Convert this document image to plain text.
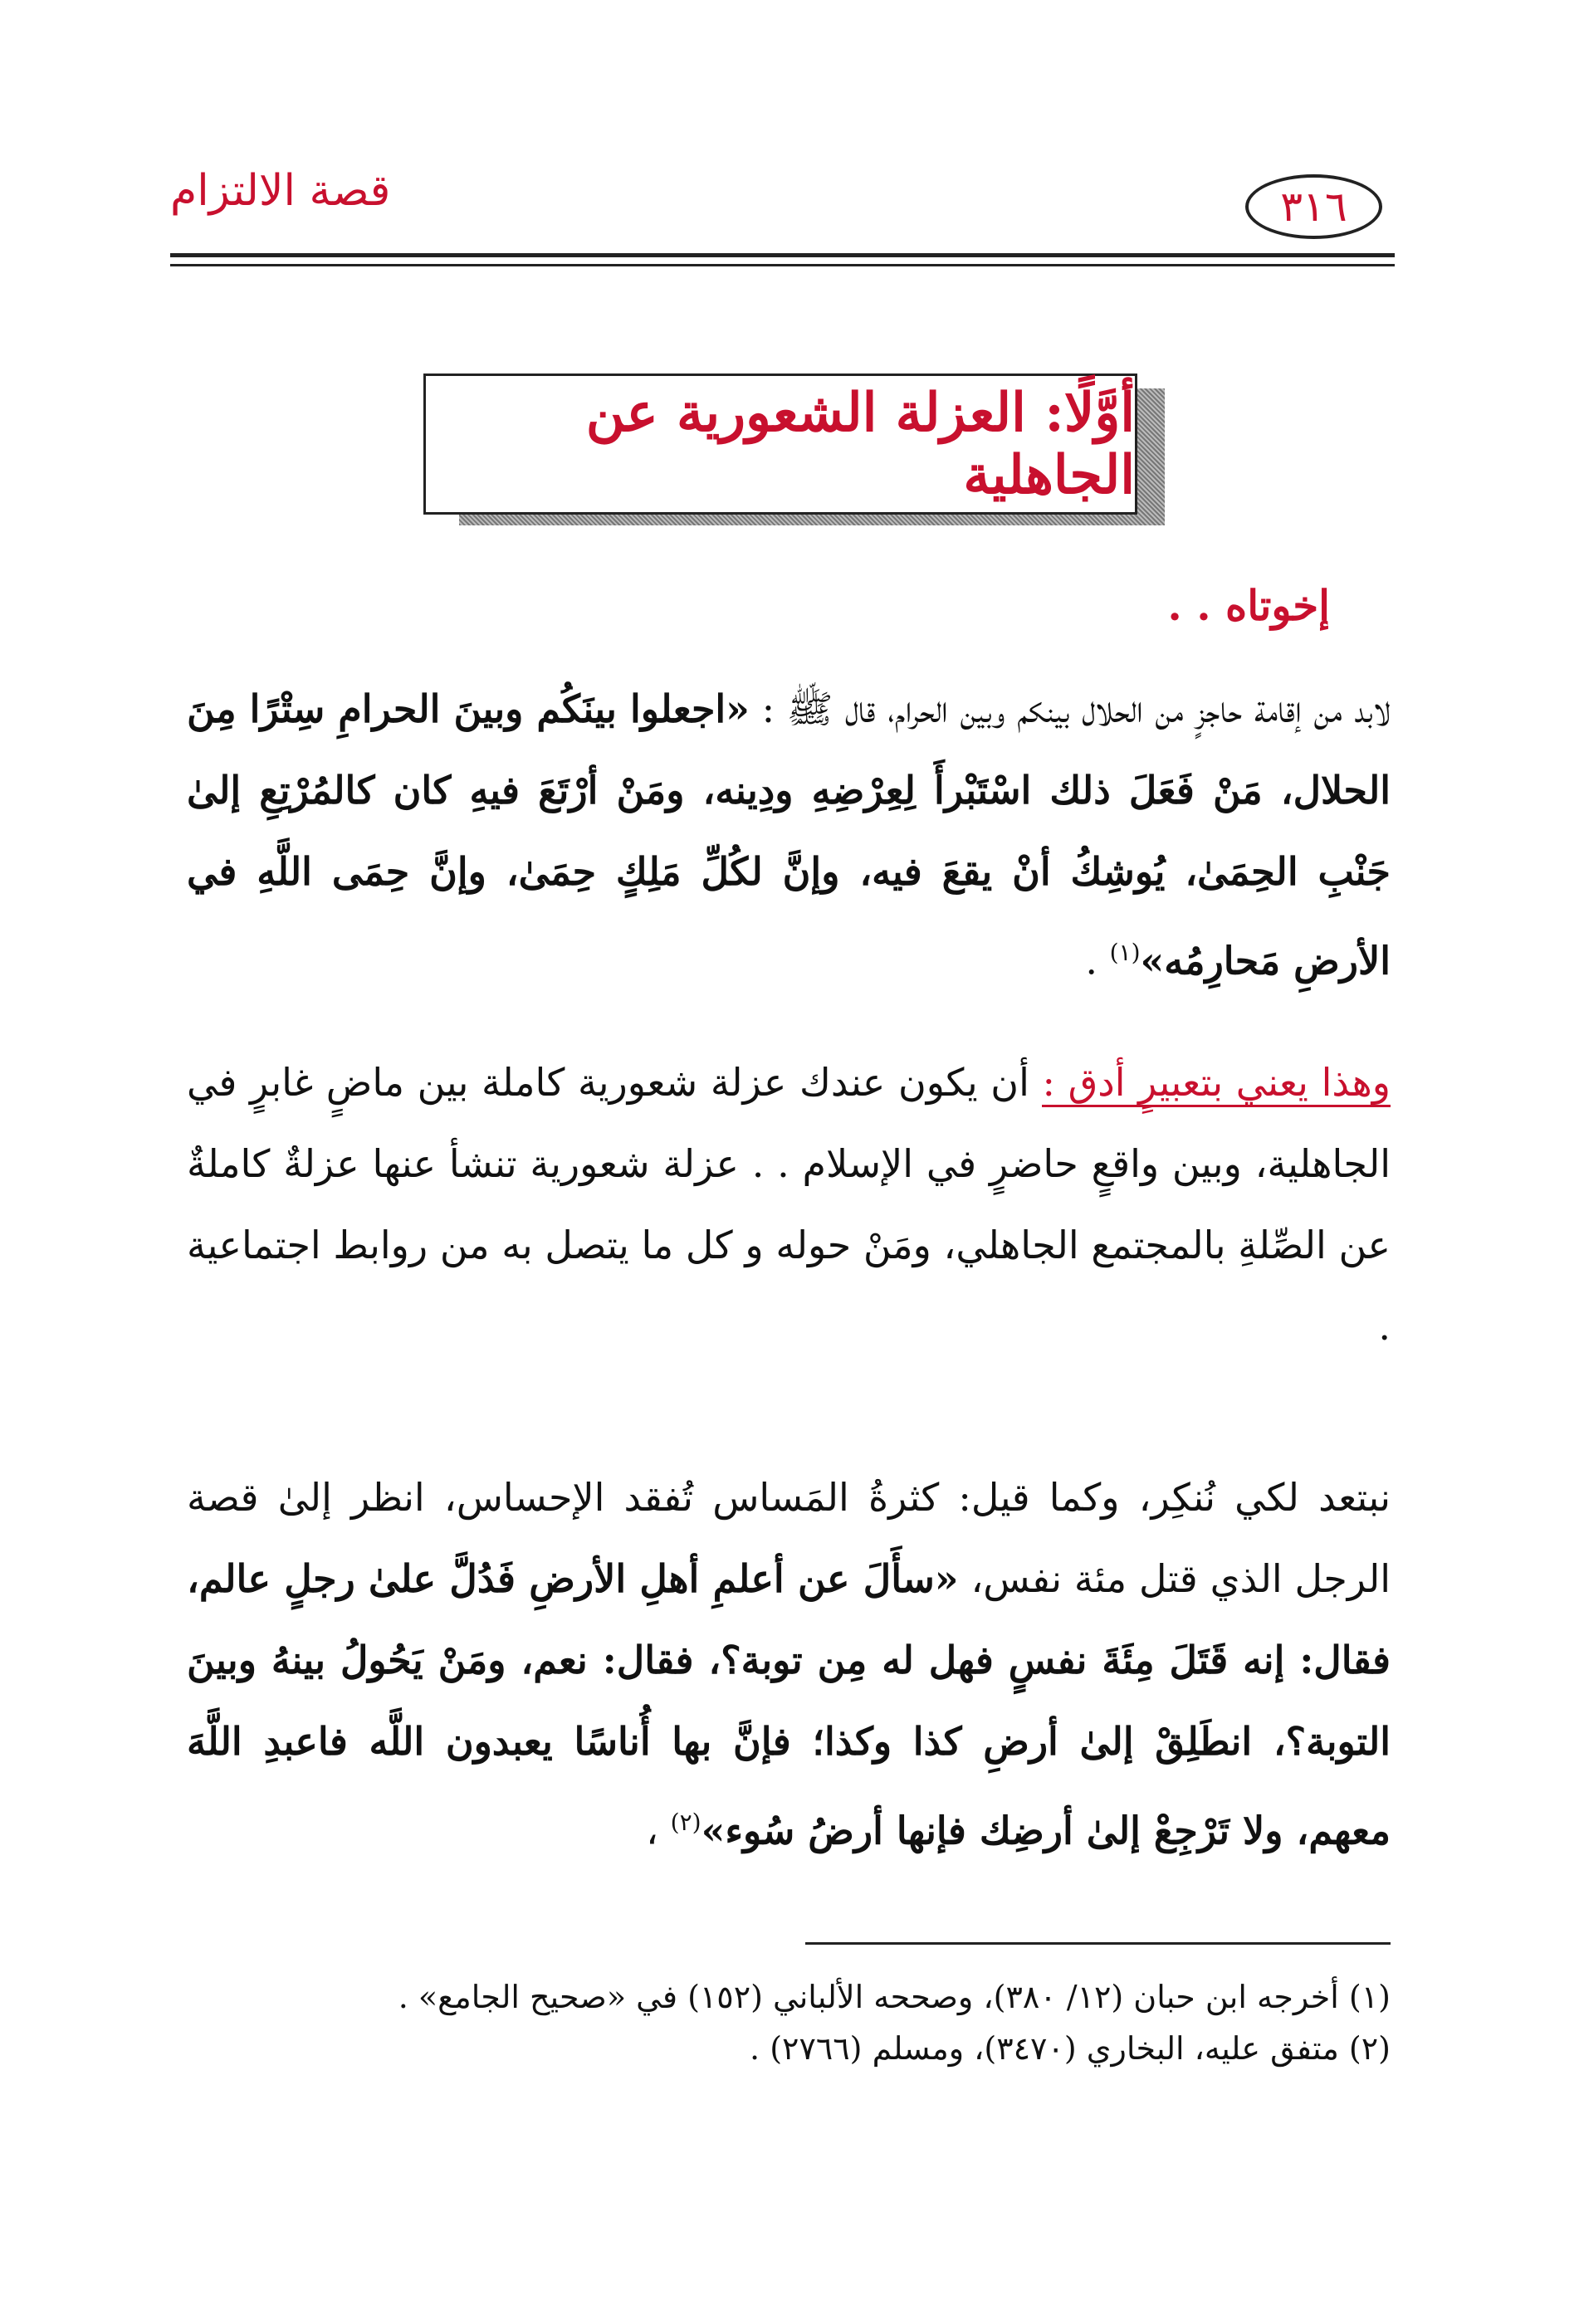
قصة الالتزام	٣١٦
أوَّلًا: العزلة الشعورية عن الجاهلية
إخوتاه . .
لابد من إقامة حاجزٍ من الحلال بينكم وبين الحرام، قال ﷺ : «اجعلوا بينَكُم وبينَ الحرامِ سِتْرًا مِنَ الحلال، مَنْ فَعَلَ ذلك اسْتَبْرأَ لِعِرْضِهِ ودِينه، ومَنْ أرْتَعَ فيهِ كان كالمُرْتِعِ إلىٰ جَنْبِ الحِمَىٰ، يُوشِكُ أنْ يقعَ فيه، وإنَّ لكُلِّ مَلِكٍ حِمَىٰ، وإنَّ حِمَى اللَّهِ في الأرضِ مَحارِمُه»$^{(١)}$ .
وهذا يعني بتعبيرٍ أدق : أن يكون عندك عزلة شعورية كاملة بين ماضٍ غابرٍ في الجاهلية، وبين واقعٍ حاضرٍ في الإسلام . . عزلة شعورية تنشأ عنها عزلةٌ كاملةٌ عن الصِّلةِ بالمجتمع الجاهلي، ومَنْ حوله و كل ما يتصل به من روابط اجتماعية .
نبتعد لكي نُنكِر، وكما قيل: كثرةُ المَساس تُفقد الإحساس، انظر إلىٰ قصة الرجل الذي قتل مئة نفس، «سأَلَ عن أعلمِ أهلِ الأرضِ فَدُلَّ علىٰ رجلٍ عالم، فقال: إنه قَتَلَ مِئَةَ نفسٍ فهل له مِن توبة؟، فقال: نعم، ومَنْ يَحُولُ بينهُ وبينَ التوبة؟، انطَلِقْ إلىٰ أرضِ كذا وكذا؛ فإنَّ بها أُناسًا يعبدون اللَّه فاعبدِ اللَّهَ معهم، ولا تَرْجِعْ إلىٰ أرضِك فإنها أرضُ سُوء»$^{(٢)}$ ،
(١) أخرجه ابن حبان (١٢/ ٣٨٠)، وصححه الألباني (١٥٢) في «صحيح الجامع» .
(٢) متفق عليه، البخاري (٣٤٧٠)، ومسلم (٢٧٦٦) .
